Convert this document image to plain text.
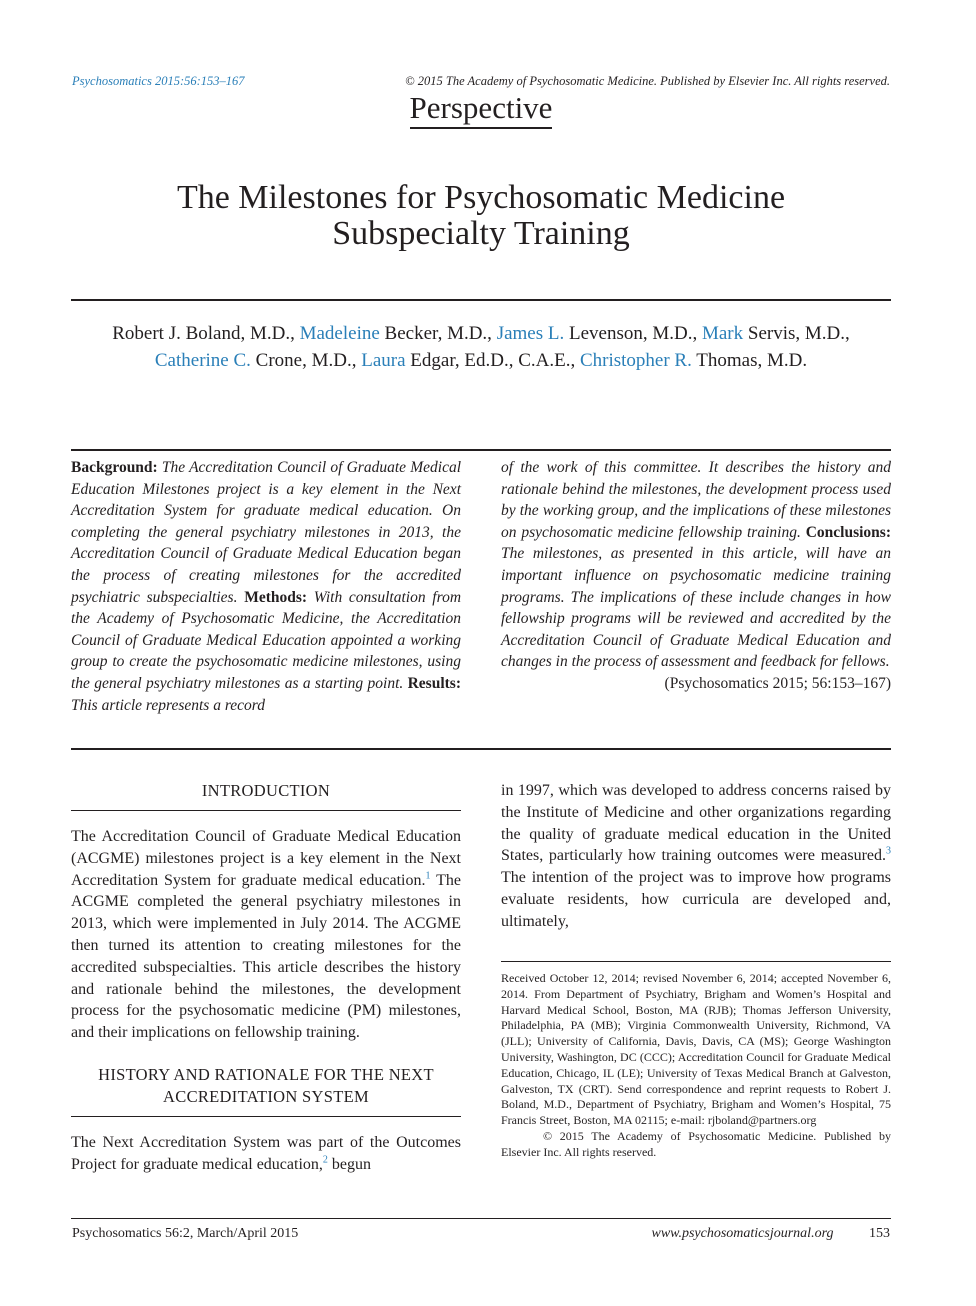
Psychosomatics 2015:56:153–167	© 2015 The Academy of Psychosomatic Medicine. Published by Elsevier Inc. All rights reserved.
Perspective
The Milestones for Psychosomatic Medicine
Subspecialty Training
Robert J. Boland, M.D., Madeleine Becker, M.D., James L. Levenson, M.D., Mark Servis, M.D.,
Catherine C. Crone, M.D., Laura Edgar, Ed.D., C.A.E., Christopher R. Thomas, M.D.
Background: The Accreditation Council of Graduate Medical Education Milestones project is a key element in the Next Accreditation System for graduate medical education. On completing the general psychiatry milestones in 2013, the Accreditation Council of Graduate Medical Education began the process of creating milestones for the accredited psychiatric subspecialties. Methods: With consultation from the Academy of Psychosomatic Medicine, the Accreditation Council of Graduate Medical Education appointed a working group to create the psychosomatic medicine milestones, using the general psychiatry milestones as a starting point. Results: This article represents a record
of the work of this committee. It describes the history and rationale behind the milestones, the development process used by the working group, and the implications of these milestones on psychosomatic medicine fellowship training. Conclusions: The milestones, as presented in this article, will have an important influence on psychosomatic medicine training programs. The implications of these include changes in how fellowship programs will be reviewed and accredited by the Accreditation Council of Graduate Medical Education and changes in the process of assessment and feedback for fellows.
(Psychosomatics 2015; 56:153–167)
INTRODUCTION
The Accreditation Council of Graduate Medical Education (ACGME) milestones project is a key element in the Next Accreditation System for graduate medical education.$^1$ The ACGME completed the general psychiatry milestones in 2013, which were implemented in July 2014. The ACGME then turned its attention to creating milestones for the accredited subspecialties. This article describes the history and rationale behind the milestones, the development process for the psychosomatic medicine (PM) milestones, and their implications on fellowship training.
HISTORY AND RATIONALE FOR THE NEXT
ACCREDITATION SYSTEM
The Next Accreditation System was part of the Outcomes Project for graduate medical education,$^2$ begun
in 1997, which was developed to address concerns raised by the Institute of Medicine and other organizations regarding the quality of graduate medical education in the United States, particularly how training outcomes were measured.$^3$ The intention of the project was to improve how programs evaluate residents, how curricula are developed and, ultimately,
Received October 12, 2014; revised November 6, 2014; accepted November 6, 2014. From Department of Psychiatry, Brigham and Women’s Hospital and Harvard Medical School, Boston, MA (RJB); Thomas Jefferson University, Philadelphia, PA (MB); Virginia Commonwealth University, Richmond, VA (JLL); University of California, Davis, Davis, CA (MS); George Washington University, Washington, DC (CCC); Accreditation Council for Graduate Medical Education, Chicago, IL (LE); University of Texas Medical Branch at Galveston, Galveston, TX (CRT). Send correspondence and reprint requests to Robert J. Boland, M.D., Department of Psychiatry, Brigham and Women’s Hospital, 75 Francis Street, Boston, MA 02115; e-mail: rjboland@partners.org
© 2015 The Academy of Psychosomatic Medicine. Published by Elsevier Inc. All rights reserved.
Psychosomatics 56:2, March/April 2015	www.psychosomaticsjournal.org	153
